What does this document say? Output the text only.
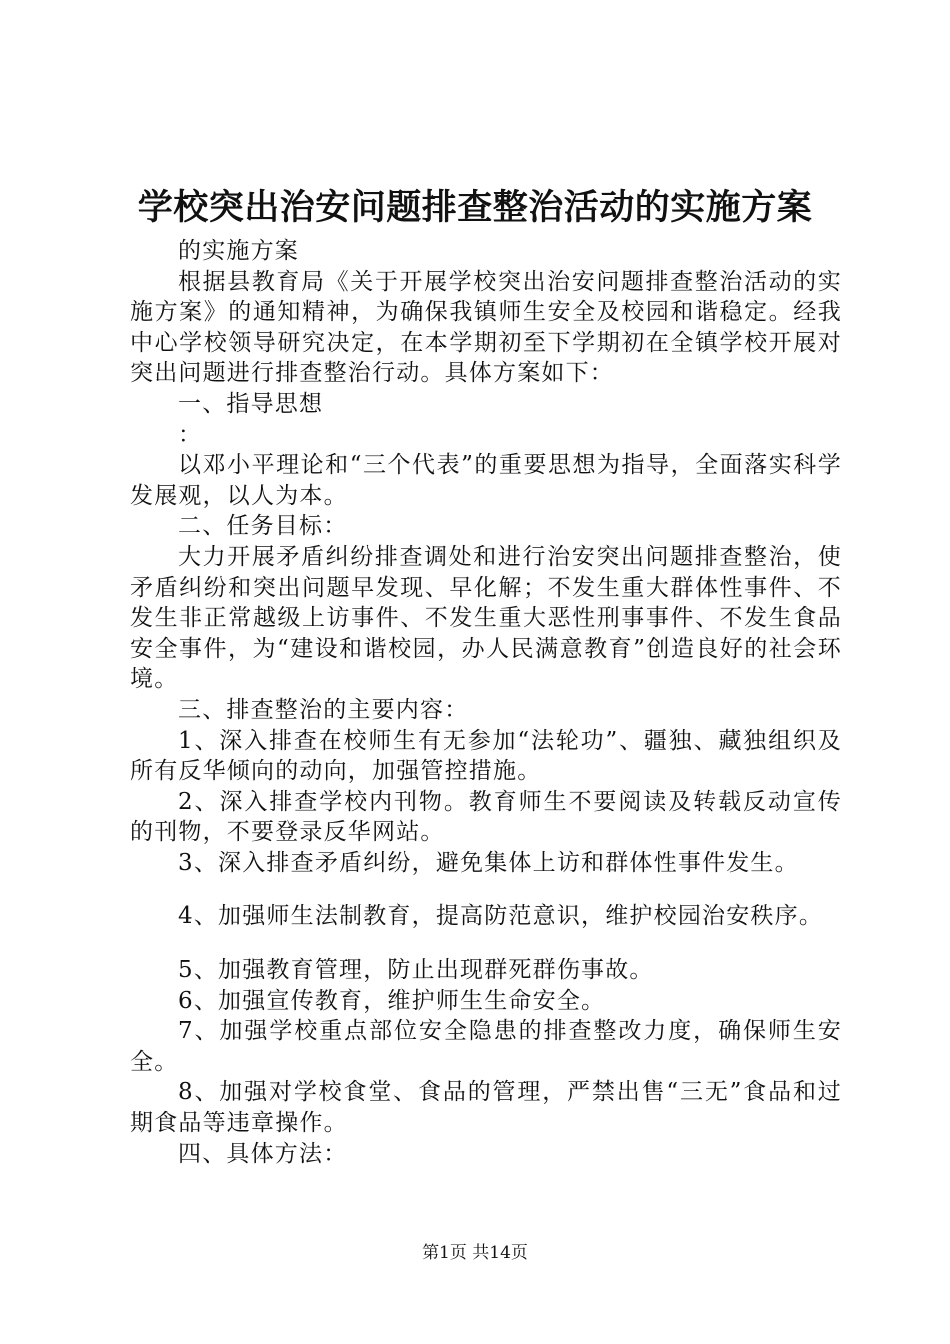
学校突出治安问题排查整治活动的实施方案

的实施方案

根据县教育局《关于开展学校突出治安问题排查整治活动的实施方案》的通知精神，为确保我镇师生安全及校园和谐稳定。经我中心学校领导研究决定，在本学期初至下学期初在全镇学校开展对突出问题进行排查整治行动。具体方案如下：

一、指导思想

：

以邓小平理论和“三个代表”的重要思想为指导，全面落实科学发展观，以人为本。

二、任务目标：

大力开展矛盾纠纷排查调处和进行治安突出问题排查整治，使矛盾纠纷和突出问题早发现、早化解；不发生重大群体性事件、不发生非正常越级上访事件、不发生重大恶性刑事事件、不发生食品安全事件，为“建设和谐校园，办人民满意教育”创造良好的社会环境。

三、排查整治的主要内容：

1、深入排查在校师生有无参加“法轮功”、疆独、藏独组织及所有反华倾向的动向，加强管控措施。

2、深入排查学校内刊物。教育师生不要阅读及转载反动宣传的刊物，不要登录反华网站。

3、深入排查矛盾纠纷，避免集体上访和群体性事件发生。

4、加强师生法制教育，提高防范意识，维护校园治安秩序。

5、加强教育管理，防止出现群死群伤事故。

6、加强宣传教育，维护师生生命安全。

7、加强学校重点部位安全隐患的排查整改力度，确保师生安全。

8、加强对学校食堂、食品的管理，严禁出售“三无”食品和过期食品等违章操作。

四、具体方法：

第1页 共14页
